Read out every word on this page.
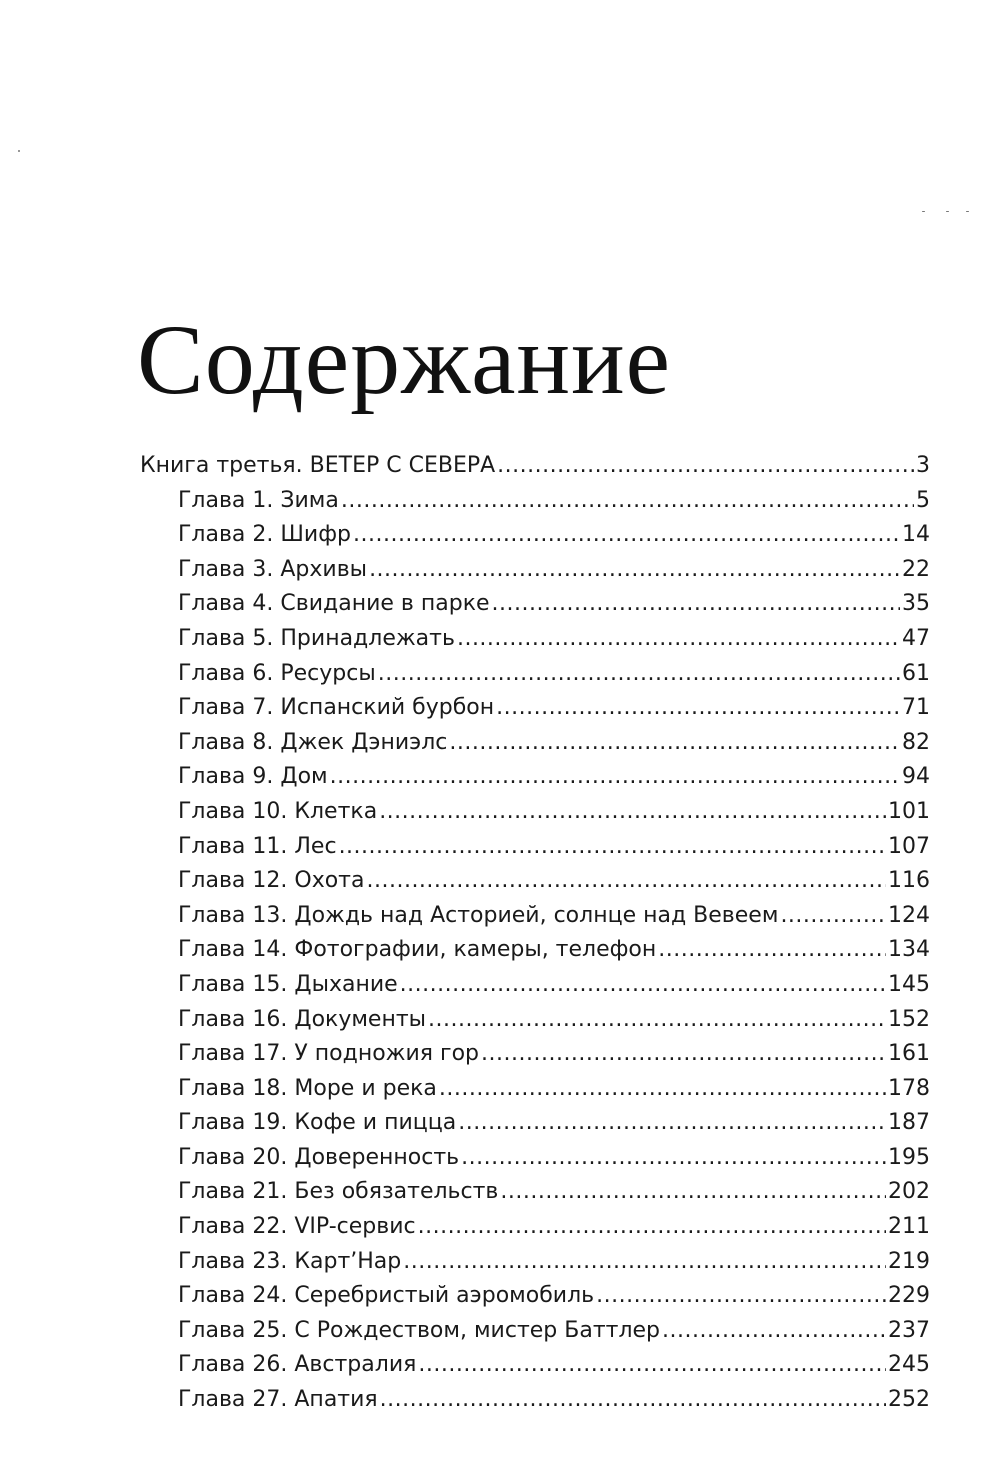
Содержание
Книга третья. ВЕТЕР С СЕВЕРА .....	3
Глава 1. Зима .....	5
Глава 2. Шифр .....	14
Глава 3. Архивы .....	22
Глава 4. Свидание в парке .....	35
Глава 5. Принадлежать .....	47
Глава 6. Ресурсы .....	61
Глава 7. Испанский бурбон .....	71
Глава 8. Джек Дэниэлс .....	82
Глава 9. Дом .....	94
Глава 10. Клетка .....	101
Глава 11. Лес .....	107
Глава 12. Охота .....	116
Глава 13. Дождь над Асторией, солнце над Вевеем .....	124
Глава 14. Фотографии, камеры, телефон .....	134
Глава 15. Дыхание .....	145
Глава 16. Документы .....	152
Глава 17. У подножия гор .....	161
Глава 18. Море и река .....	178
Глава 19. Кофе и пицца .....	187
Глава 20. Доверенность .....	195
Глава 21. Без обязательств .....	202
Глава 22. VIP-сервис .....	211
Глава 23. Карт’Нар .....	219
Глава 24. Серебристый аэромобиль .....	229
Глава 25. С Рождеством, мистер Баттлер .....	237
Глава 26. Австралия .....	245
Глава 27. Апатия .....	252
